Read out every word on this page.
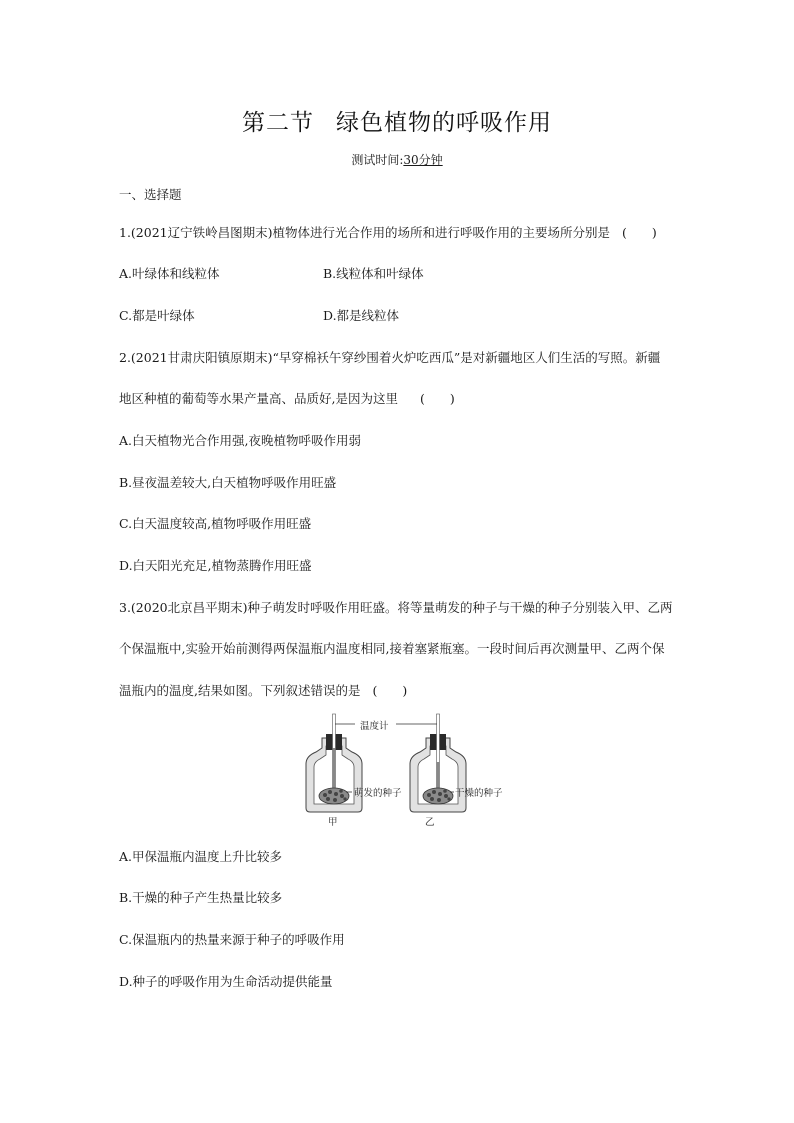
第二节 绿色植物的呼吸作用
测试时间:30分钟
一、选择题
1.(2021辽宁铁岭昌图期末)植物体进行光合作用的场所和进行呼吸作用的主要场所分别是 (　　)
A.叶绿体和线粒体	B.线粒体和叶绿体
C.都是叶绿体	D.都是线粒体
2.(2021甘肃庆阳镇原期末)“早穿棉袄午穿纱围着火炉吃西瓜”是对新疆地区人们生活的写照。新疆
地区种植的葡萄等水果产量高、品质好,是因为这里 (　　)
A.白天植物光合作用强,夜晚植物呼吸作用弱
B.昼夜温差较大,白天植物呼吸作用旺盛
C.白天温度较高,植物呼吸作用旺盛
D.白天阳光充足,植物蒸腾作用旺盛
3.(2020北京昌平期末)种子萌发时呼吸作用旺盛。将等量萌发的种子与干燥的种子分别装入甲、乙两
个保温瓶中,实验开始前测得两保温瓶内温度相同,接着塞紧瓶塞。一段时间后再次测量甲、乙两个保
温瓶内的温度,结果如图。下列叙述错误的是 (　　)
温度计
萌发的种子	干燥的种子
甲	乙
A.甲保温瓶内温度上升比较多
B.干燥的种子产生热量比较多
C.保温瓶内的热量来源于种子的呼吸作用
D.种子的呼吸作用为生命活动提供能量
